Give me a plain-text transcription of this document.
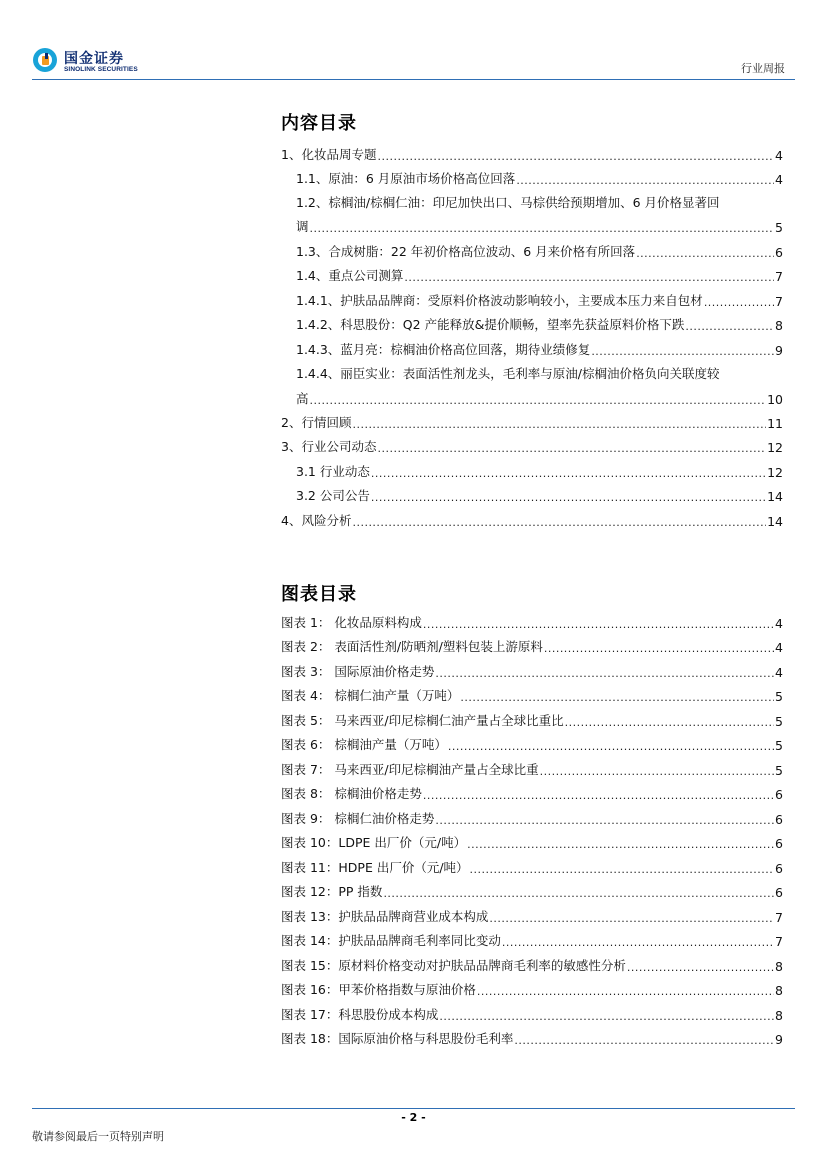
国金证券
SINOLINK SECURITIES	行业周报
内容目录
1、化妆品周专题 .....	4
1.1、原油：6 月原油市场价格高位回落 .....	4
1.2、棕榈油/棕榈仁油：印尼加快出口、马棕供给预期增加、6 月价格显著回
调 .....	5
1.3、合成树脂：22 年初价格高位波动、6 月来价格有所回落 .....	6
1.4、重点公司测算 .....	7
1.4.1、护肤品品牌商：受原料价格波动影响较小，主要成本压力来自包材 .....	7
1.4.2、科思股份：Q2 产能释放&提价顺畅，望率先获益原料价格下跌 .....	8
1.4.3、蓝月亮：棕榈油价格高位回落，期待业绩修复 .....	9
1.4.4、丽臣实业：表面活性剂龙头，毛利率与原油/棕榈油价格负向关联度较
高 .....	10
2、行情回顾 .....	11
3、行业公司动态 .....	12
3.1 行业动态 .....	12
3.2 公司公告 .....	14
4、风险分析 .....	14
图表目录
图表 1： 化妆品原料构成 .....	4
图表 2： 表面活性剂/防晒剂/塑料包装上游原料 .....	4
图表 3： 国际原油价格走势 .....	4
图表 4： 棕榈仁油产量（万吨） .....	5
图表 5： 马来西亚/印尼棕榈仁油产量占全球比重比 .....	5
图表 6： 棕榈油产量（万吨） .....	5
图表 7： 马来西亚/印尼棕榈油产量占全球比重 .....	5
图表 8： 棕榈油价格走势 .....	6
图表 9： 棕榈仁油价格走势 .....	6
图表 10：LDPE 出厂价（元/吨） .....	6
图表 11：HDPE 出厂价（元/吨） .....	6
图表 12：PP 指数 .....	6
图表 13：护肤品品牌商营业成本构成 .....	7
图表 14：护肤品品牌商毛利率同比变动 .....	7
图表 15：原材料价格变动对护肤品品牌商毛利率的敏感性分析 .....	8
图表 16：甲苯价格指数与原油价格 .....	8
图表 17：科思股份成本构成 .....	8
图表 18：国际原油价格与科思股份毛利率 .....	9
- 2 -
敬请参阅最后一页特别声明
